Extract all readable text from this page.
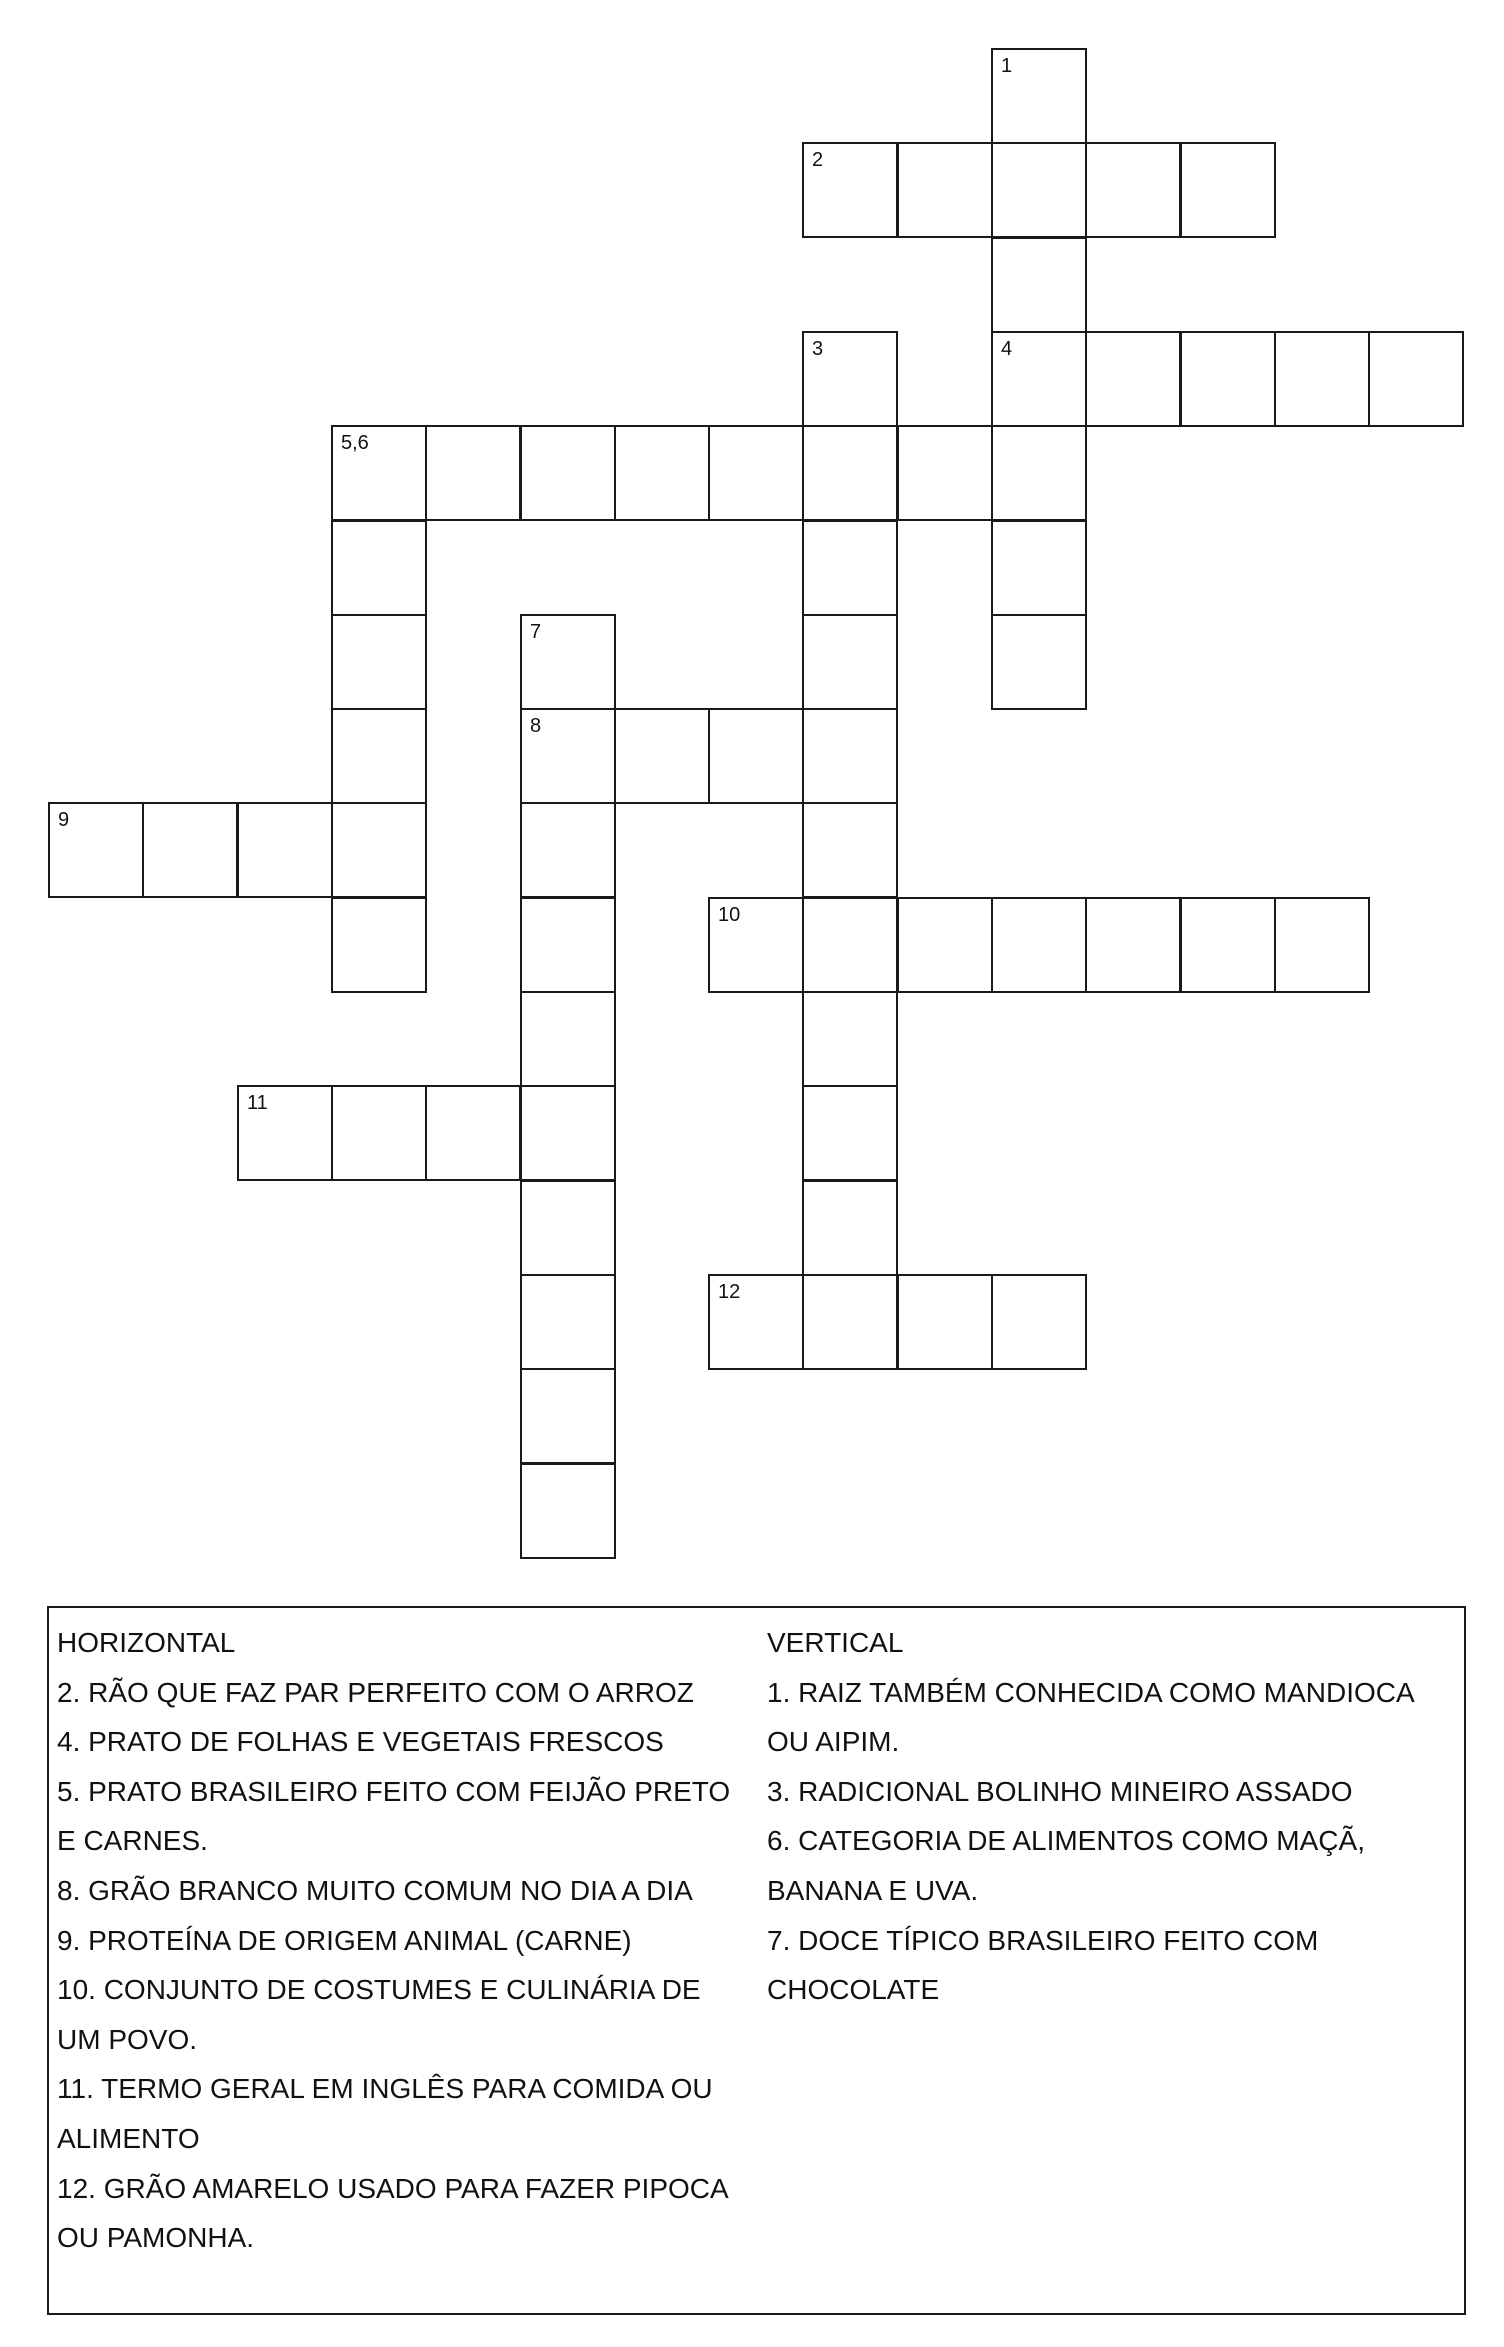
1
2
3	4
5,6
7
8
9
10
11
12
HORIZONTAL
2. RÃO QUE FAZ PAR PERFEITO COM O ARROZ
4. PRATO DE FOLHAS E VEGETAIS FRESCOS
5. PRATO BRASILEIRO FEITO COM FEIJÃO PRETO
E CARNES.
8. GRÃO BRANCO MUITO COMUM NO DIA A DIA
9. PROTEÍNA DE ORIGEM ANIMAL (CARNE)
10. CONJUNTO DE COSTUMES E CULINÁRIA DE
UM POVO.
11. TERMO GERAL EM INGLÊS PARA COMIDA OU
ALIMENTO
12. GRÃO AMARELO USADO PARA FAZER PIPOCA
OU PAMONHA.
VERTICAL
1. RAIZ TAMBÉM CONHECIDA COMO MANDIOCA
OU AIPIM.
3. RADICIONAL BOLINHO MINEIRO ASSADO
6. CATEGORIA DE ALIMENTOS COMO MAÇÃ,
BANANA E UVA.
7. DOCE TÍPICO BRASILEIRO FEITO COM
CHOCOLATE
